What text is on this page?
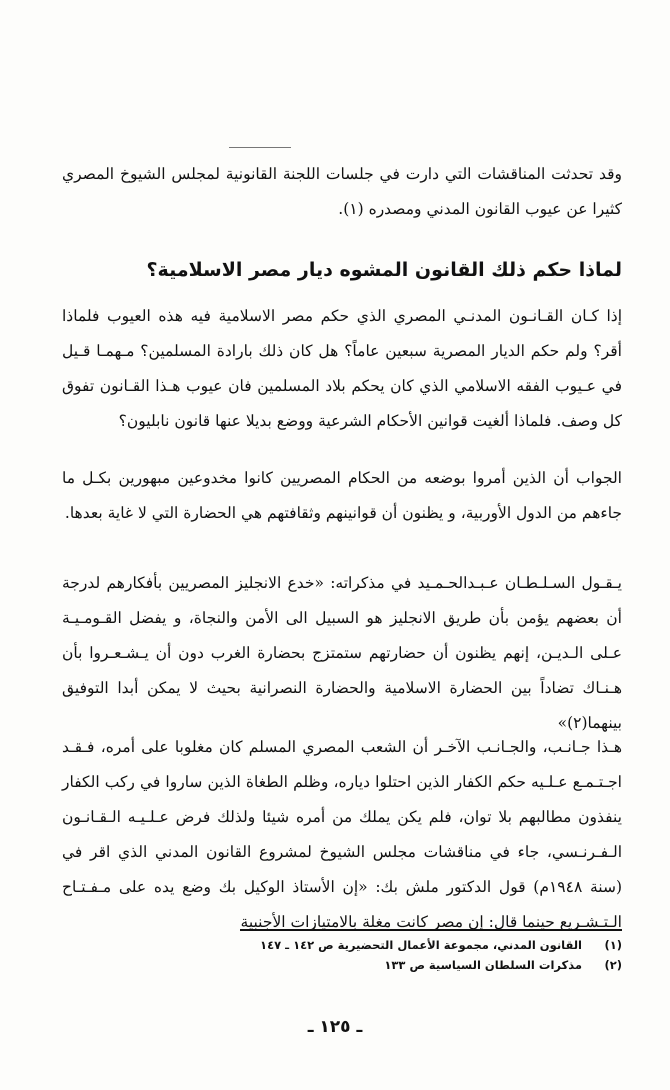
وقد تحدثت المناقشات التي دارت في جلسات اللجنة القانونية لمجلس الشيوخ المصري كثيرا عن عيوب القانون المدني ومصدره (١).

لماذا حكم ذلك القانون المشوه ديار مصر الاسلامية؟

إذا كـان القـانـون المدنـي المصري الذي حكم مصر الاسلامية فيه هذه العيوب فلماذا أقر؟ ولم حكم الديار المصرية سبعين عاماً؟ هل كان ذلك بارادة المسلمين؟ مـهمـا قـيل في عـيوب الفقه الاسلامي الذي كان يحكم بلاد المسلمين فان عيوب هـذا القـانون تفوق كل وصف. فلماذا ألغيت قوانين الأحكام الشرعية ووضع بديلا عنها قانون نابليون؟

الجواب أن الذين أمروا بوضعه من الحكام المصريين كانوا مخدوعين مبهورين بكـل ما جاءهم من الدول الأوربية، و يظنون أن قوانينهم وثقافتهم هي الحضارة التي لا غاية بعدها.

يـقـول السـلـطـان عـبـدالحـمـيد في مذكراته: «خدع الانجليز المصريين بأفكارهم لدرجة أن بعضهم يؤمن بأن طريق الانجليز هو السبيل الى الأمن والنجاة، و يفضل القـومـيـة عـلى الـديـن، إنهم يظنون أن حضارتهم ستمتزج بحضارة الغرب دون أن يـشـعـروا بأن هـنـاك تضاداً بين الحضارة الاسلامية والحضارة النصرانية بحيث لا يمكن أبدا التوفيق بينهما(٢)»

هـذا جـانـب، والجـانـب الآخـر أن الشعب المصري المسلم كان مغلوبا على أمره، فـقـد اجـتـمـع عـلـيه حكم الكفار الذين احتلوا دياره، وظلم الطغاة الذين ساروا في ركب الكفار ينفذون مطالبهم بلا توان، فلم يكن يملك من أمره شيئا ولذلك فرض عـلـيـه الـقـانـون الـفـرنـسي، جاء في مناقشات مجلس الشيوخ لمشروع القانون المدني الذي اقر في (سنة ١٩٤٨م) قول الدكتور ملش بك: «إن الأستاذ الوكيل بك وضع يده على مـفـتـاح الـتـشـريع حينما قال: إن مصر كانت مغلة بالامتيازات الأجنبية

(١)
القانون المدني، مجموعة الأعمال التحضيرية ص ١٤٢ ـ ١٤٧
(٢)
مذكرات السلطان السياسية ص ١٣٣
ـ ١٢٥ ـ
